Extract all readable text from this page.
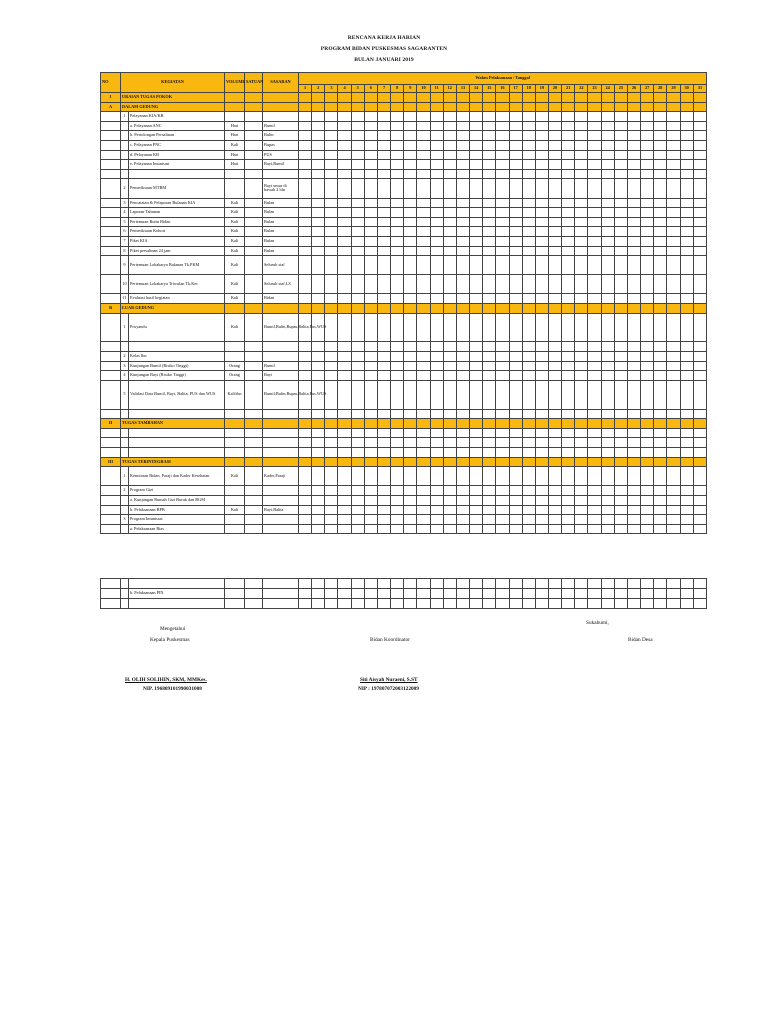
RENCANA KERJA HARIAN
PROGRAM BIDAN PUSKESMAS SAGARANTEN
BULAN JANUARI 2019
NO	KEGIATAN		VOLUME	SATUAN	SASARAN	Waktu Pelaksanaan / Tanggal																														
						1	2	3	4	5	6	7	8	9	10	11	12	13	14	15	16	17	18	19	20	21	22	23	24	25	26	27	28	29	30	31
I	URAIAN TUGAS POKOK																																			
A	DALAM GEDUNG																																			
	1	Pelayanan KIA/KB																																		
		a. Pelayanan ANC	Hari		Bumil																															
		b. Pertolongan Persalinan	Hari		Bulin																															
		c. Pelayanan PNC	Kali		Bupas																															
		d. Pelayanan KB	Hari		PUS																															
		e. Pelayanan Imunisasi	Hari		Bayi,Bumil																															

	2	Pemeriksaan MTBM			Bayi umur di bawah 2 bln																															
	3	Pencatatan & Pelaporan Bulanan KIA	Kali		Bulan																															
	4	Laporan Tahunan	Kali		Bulan																															
	5	Pertemuan Rutin Bidan	Kali		Bulan																															
	6	Pemeriksaan Kohort	Kali		Bulan																															
	7	Piket KIA	Kali		Bulan																															
	8	Piket persalinan 24 jam	Kali		Bulan																															
	9	Pertemuan Lokakarya Bulanan Tk.PKM	Kali		Seluruh staf																															
	10	Pertemuan Lokakarya Triwulan Tk.Kec	Kali		Seluruh staf,LS																															
	11	Evaluasi hasil kegiatan	Kali		Bidan																															
B	LUAR GEDUNG																																			
	1	Posyandu	Kali		Bumil,Bulin,Bupas,Balita,Pus,WUS																															

	2	Kelas Ibu																																		
	3	Kunjungan Bumil (Risiko Tinggi)	Orang		Bumil																															
	4	Kunjungan Bayi (Risiko Tinggi)	Orang		Bayi																															
	5	Validasi Data Bumil, Bayi, Balita, PUS dan WUS	Kali/thn		Bumil,Bulin,Bupas,Balita,Pus,WUS																															

II	TUGAS TAMBAHAN																																			

III	TUGAS TERINTEGRASI																																			
	1	Kemitraan Bidan, Paraji dan Kader Kesehatan	Kali		Kader,Paraji																															
	2	Program Gizi																																		
		a. Kunjungan Rumah Gizi Buruk dan BGM																																		
		b. Pelaksanaan BPB	Kali		Bayi,Balita																															
	3	Program Imunisasi																																		
		a. Pelaksanaan Bias																																		

		b. Pelaksanaan PIN																																		

Sukabumi,
Mengetahui
Kepala Puskesmas	Bidan Koordinator	Bidan Desa
H. OLIH SOLIHIN, SKM, MMKes.
NIP. 196809101990031008
Siti Aisyah Nuraeni, S.ST
NIP : 197807072003122009
